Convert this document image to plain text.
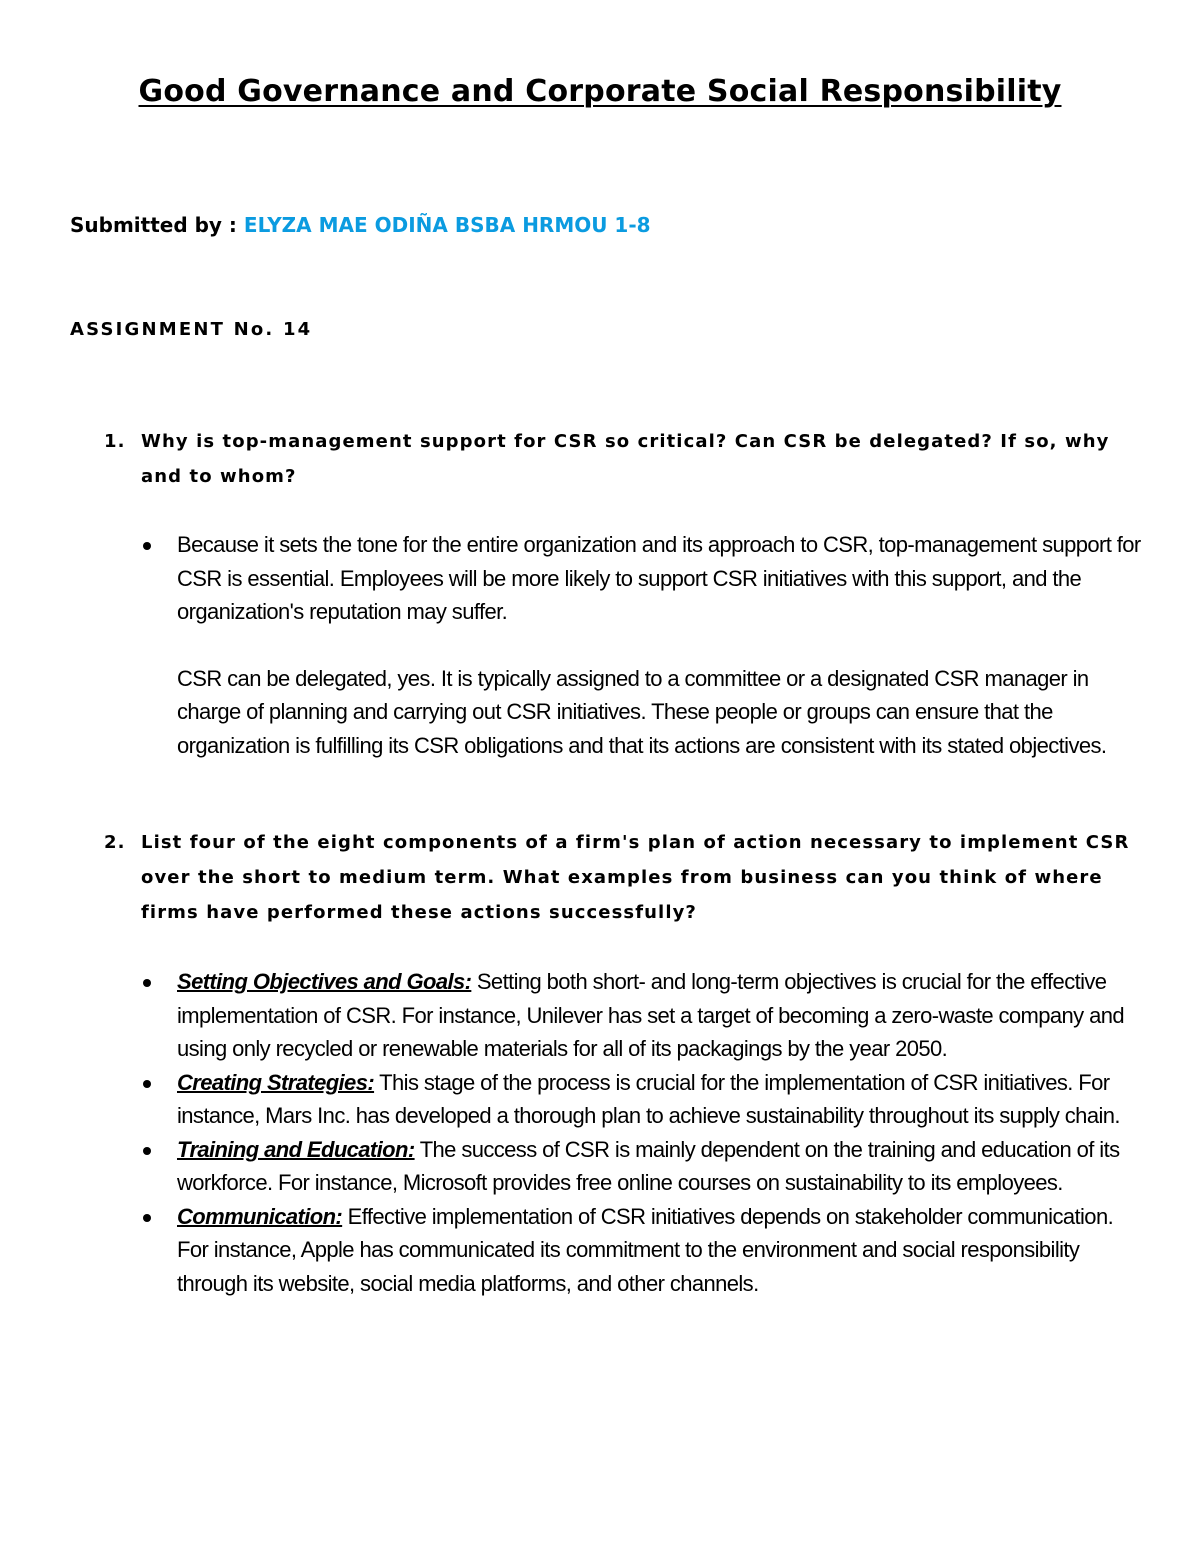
Good Governance and Corporate Social Responsibility
Submitted by : ELYZA MAE ODIÑA BSBA HRMOU 1-8
ASSIGNMENT No. 14
1. Why is top-management support for CSR so critical? Can CSR be delegated? If so, why and to whom?
Because it sets the tone for the entire organization and its approach to CSR, top-management support for CSR is essential. Employees will be more likely to support CSR initiatives with this support, and the organization's reputation may suffer.
CSR can be delegated, yes. It is typically assigned to a committee or a designated CSR manager in charge of planning and carrying out CSR initiatives. These people or groups can ensure that the organization is fulfilling its CSR obligations and that its actions are consistent with its stated objectives.
2. List four of the eight components of a firm's plan of action necessary to implement CSR over the short to medium term. What examples from business can you think of where firms have performed these actions successfully?
Setting Objectives and Goals: Setting both short- and long-term objectives is crucial for the effective implementation of CSR. For instance, Unilever has set a target of becoming a zero-waste company and using only recycled or renewable materials for all of its packagings by the year 2050.
Creating Strategies: This stage of the process is crucial for the implementation of CSR initiatives. For instance, Mars Inc. has developed a thorough plan to achieve sustainability throughout its supply chain.
Training and Education: The success of CSR is mainly dependent on the training and education of its workforce. For instance, Microsoft provides free online courses on sustainability to its employees.
Communication: Effective implementation of CSR initiatives depends on stakeholder communication. For instance, Apple has communicated its commitment to the environment and social responsibility through its website, social media platforms, and other channels.
